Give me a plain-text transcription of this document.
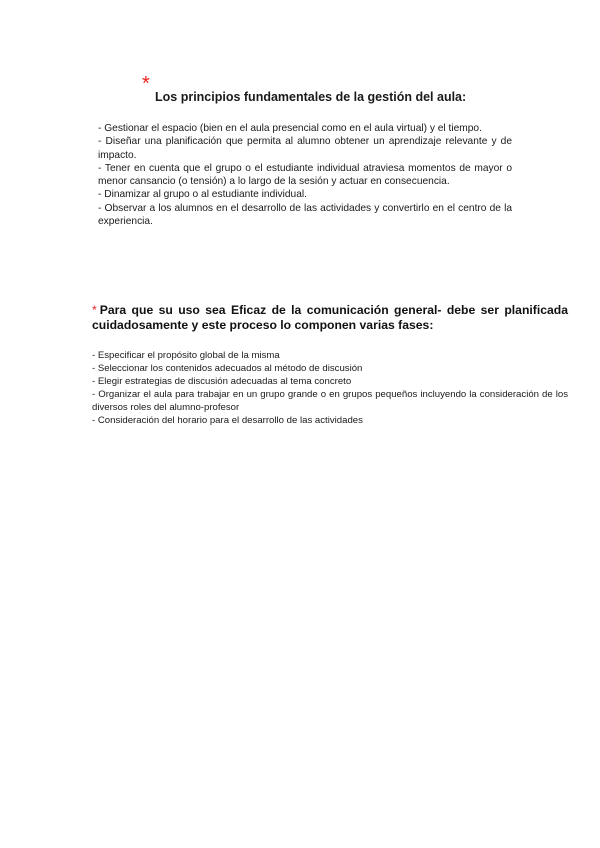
*
Los principios fundamentales de la gestión del aula:

- Gestionar el espacio (bien en el aula presencial como en el aula virtual) y el tiempo.

- Diseñar una planificación que permita al alumno obtener un aprendizaje relevante y de impacto.

- Tener en cuenta que el grupo o el estudiante individual atraviesa momentos de mayor o menor cansancio (o tensión) a lo largo de la sesión y actuar en consecuencia.

- Dinamizar al grupo o al estudiante individual.

- Observar a los alumnos en el desarrollo de las actividades y convertirlo en el centro de la experiencia.

* Para que su uso sea Eficaz de la comunicación general- debe ser planificada cuidadosamente y este proceso lo componen varias fases:

- Especificar el propósito global de la misma

- Seleccionar los contenidos adecuados al método de discusión

- Elegir estrategias de discusión adecuadas al tema concreto

- Organizar el aula para trabajar en un grupo grande o en grupos pequeños incluyendo la consideración de los diversos roles del alumno-profesor

- Consideración del horario para el desarrollo de las actividades
